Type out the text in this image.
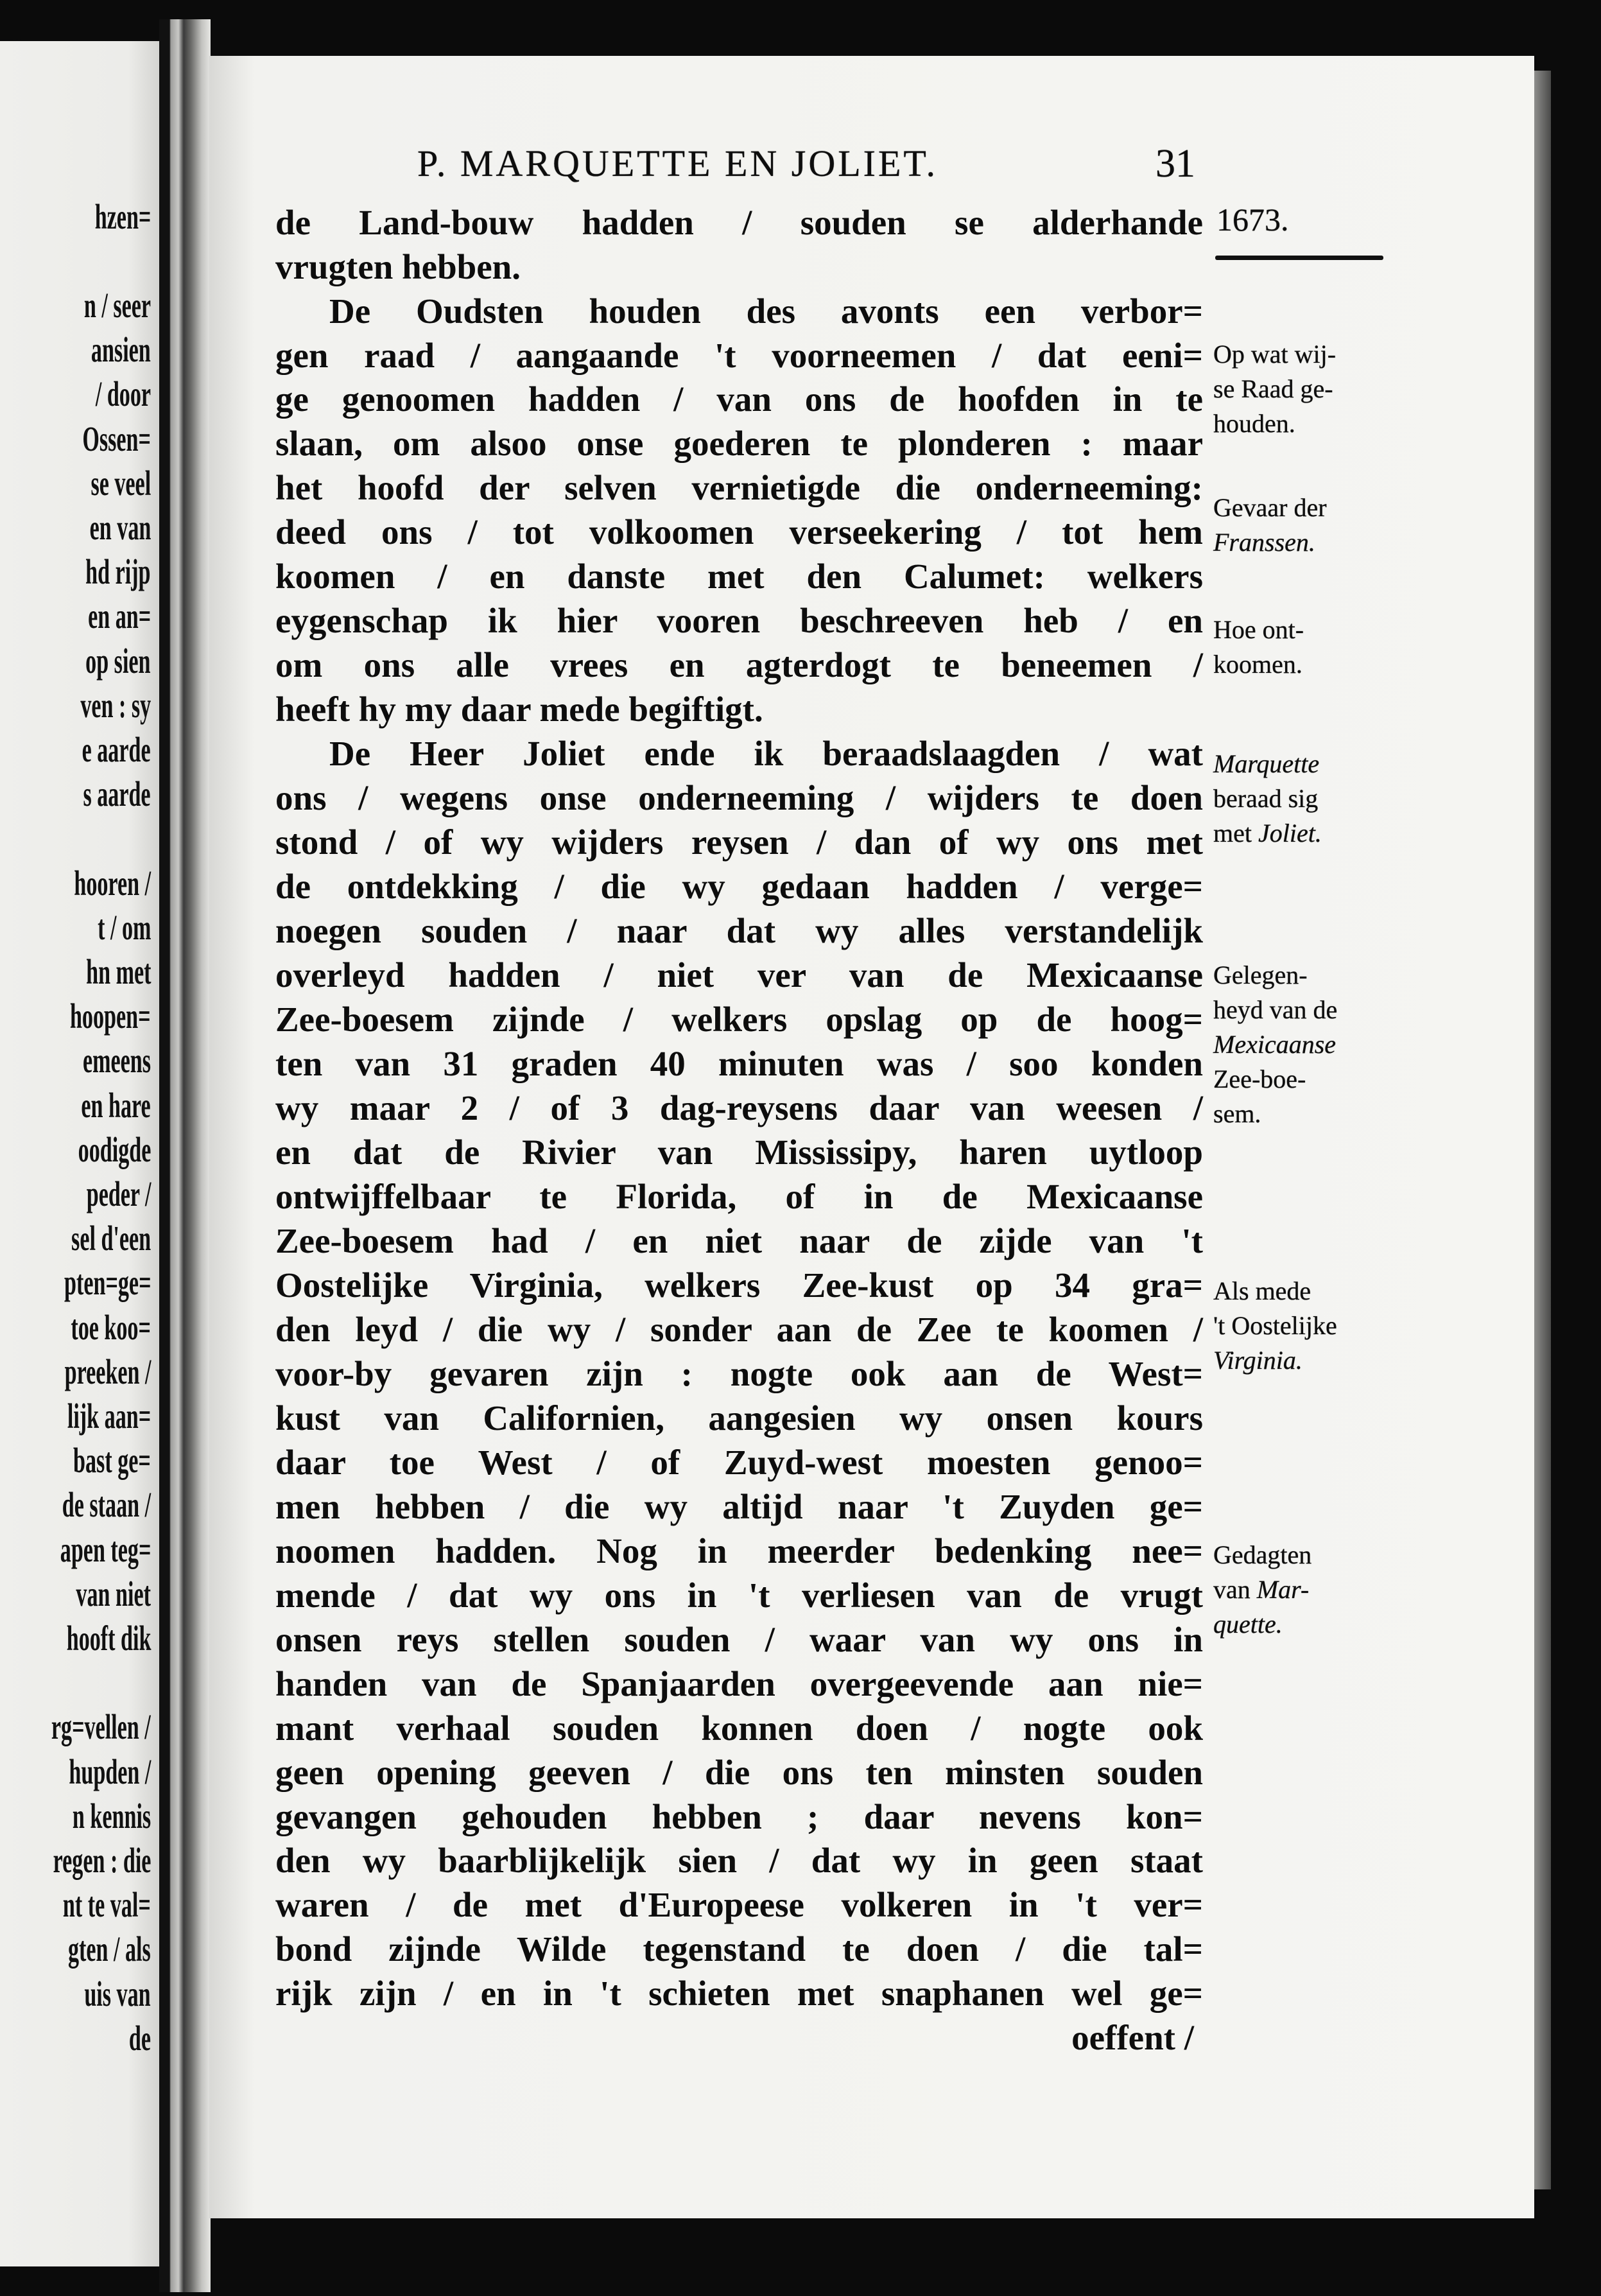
hzen=
n / seer
ansien
/ door
Ossen=
se veel
en van
hd rijp
en an=
op sien
ven : sy
e aarde
s aarde
hooren /
t / om
hn met
hoopen=
emeens
en hare
oodigde
peder /
sel d'een
pten=ge=
toe koo=
preeken /
lijk aan=
bast ge=
de staan /
apen teg=
van niet
hooft dik
rg=vellen /
hupden /
n kennis
regen : die
nt te val=
gten / als
uis van
de
P. MARQUETTE EN JOLIET.	31
1673.
de Land-bouw hadden / souden se alderhande
vrugten hebben.
De Oudsten houden des avonts een verbor=
gen raad / aangaande 't voorneemen / dat eeni=
ge genoomen hadden / van ons de hoofden in te
slaan, om alsoo onse goederen te plonderen : maar
het hoofd der selven vernietigde die onderneeming:
deed ons / tot volkoomen verseekering / tot hem
koomen / en danste met den Calumet: welkers
eygenschap ik hier vooren beschreeven heb / en
om ons alle vrees en agterdogt te beneemen /
heeft hy my daar mede begiftigt.
De Heer Joliet ende ik beraadslaagden / wat
ons / wegens onse onderneeming / wijders te doen
stond / of wy wijders reysen / dan of wy ons met
de ontdekking / die wy gedaan hadden / verge=
noegen souden / naar dat wy alles verstandelijk
overleyd hadden / niet ver van de Mexicaanse
Zee-boesem zijnde / welkers opslag op de hoog=
ten van 31 graden 40 minuten was / soo konden
wy maar 2 / of 3 dag-reysens daar van weesen /
en dat de Rivier van Mississipy, haren uytloop
ontwijffelbaar te Florida, of in de Mexicaanse
Zee-boesem had / en niet naar de zijde van 't
Oostelijke Virginia, welkers Zee-kust op 34 gra=
den leyd / die wy / sonder aan de Zee te koomen /
voor-by gevaren zijn : nogte ook aan de West=
kust van Californien, aangesien wy onsen kours
daar toe West / of Zuyd-west moesten genoo=
men hebben / die wy altijd naar 't Zuyden ge=
noomen hadden. Nog in meerder bedenking nee=
mende / dat wy ons in 't verliesen van de vrugt
onsen reys stellen souden / waar van wy ons in
handen van de Spanjaarden overgeevende aan nie=
mant verhaal souden konnen doen / nogte ook
geen opening geeven / die ons ten minsten souden
gevangen gehouden hebben ; daar nevens kon=
den wy baarblijkelijk sien / dat wy in geen staat
waren / de met d'Europeese volkeren in 't ver=
bond zijnde Wilde tegenstand te doen / die tal=
rijk zijn / en in 't schieten met snaphanen wel ge=
oeffent /
Op wat wij-
se Raad ge-
houden.
Gevaar der
Franssen.
Hoe ont-
koomen.
Marquette
beraad sig
met Joliet.
Gelegen-
heyd van de
Mexicaanse
Zee-boe-
sem.
Als mede
't Oostelijke
Virginia.
Gedagten
van Mar-
quette.
